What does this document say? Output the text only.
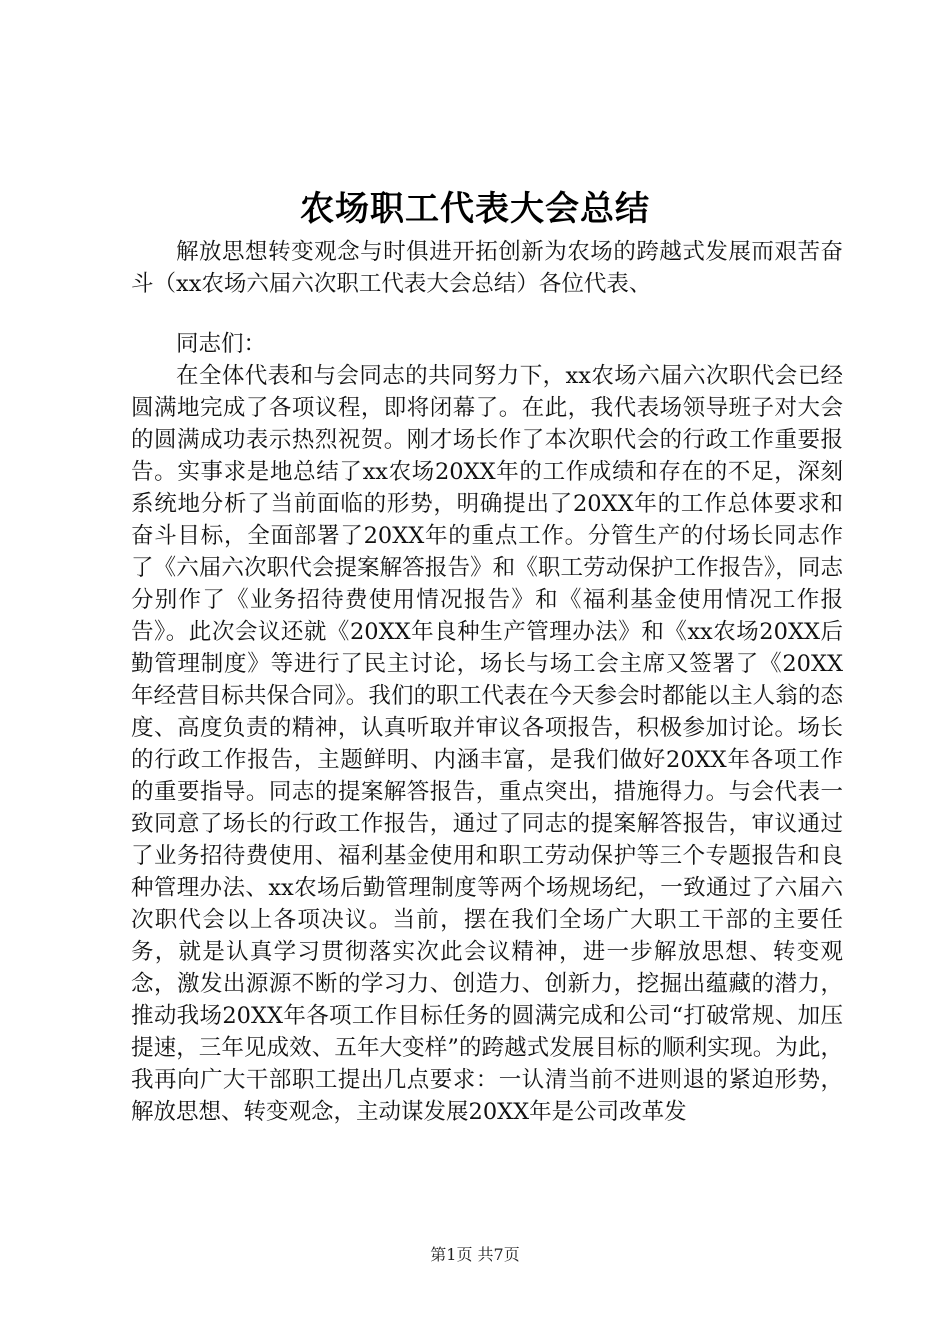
农场职工代表大会总结

解放思想转变观念与时俱进开拓创新为农场的跨越式发展而艰苦奋斗（xx农场六届六次职工代表大会总结）各位代表、

同志们：

在全体代表和与会同志的共同努力下，xx农场六届六次职代会已经圆满地完成了各项议程，即将闭幕了。在此，我代表场领导班子对大会的圆满成功表示热烈祝贺。刚才场长作了本次职代会的行政工作重要报告。实事求是地总结了xx农场20XX年的工作成绩和存在的不足，深刻系统地分析了当前面临的形势，明确提出了20XX年的工作总体要求和奋斗目标，全面部署了20XX年的重点工作。分管生产的付场长同志作了《六届六次职代会提案解答报告》和《职工劳动保护工作报告》，同志分别作了《业务招待费使用情况报告》和《福利基金使用情况工作报告》。此次会议还就《20XX年良种生产管理办法》和《xx农场20XX后勤管理制度》等进行了民主讨论，场长与场工会主席又签署了《20XX年经营目标共保合同》。我们的职工代表在今天参会时都能以主人翁的态度、高度负责的精神，认真听取并审议各项报告，积极参加讨论。场长的行政工作报告，主题鲜明、内涵丰富，是我们做好20XX年各项工作的重要指导。同志的提案解答报告，重点突出，措施得力。与会代表一致同意了场长的行政工作报告，通过了同志的提案解答报告，审议通过了业务招待费使用、福利基金使用和职工劳动保护等三个专题报告和良种管理办法、xx农场后勤管理制度等两个场规场纪，一致通过了六届六次职代会以上各项决议。当前，摆在我们全场广大职工干部的主要任务，就是认真学习贯彻落实次此会议精神，进一步解放思想、转变观念，激发出源源不断的学习力、创造力、创新力，挖掘出蕴藏的潜力，推动我场20XX年各项工作目标任务的圆满完成和公司“打破常规、加压提速，三年见成效、五年大变样”的跨越式发展目标的顺利实现。为此，我再向广大干部职工提出几点要求：一认清当前不进则退的紧迫形势，解放思想、转变观念，主动谋发展20XX年是公司改革发

第1页 共7页
